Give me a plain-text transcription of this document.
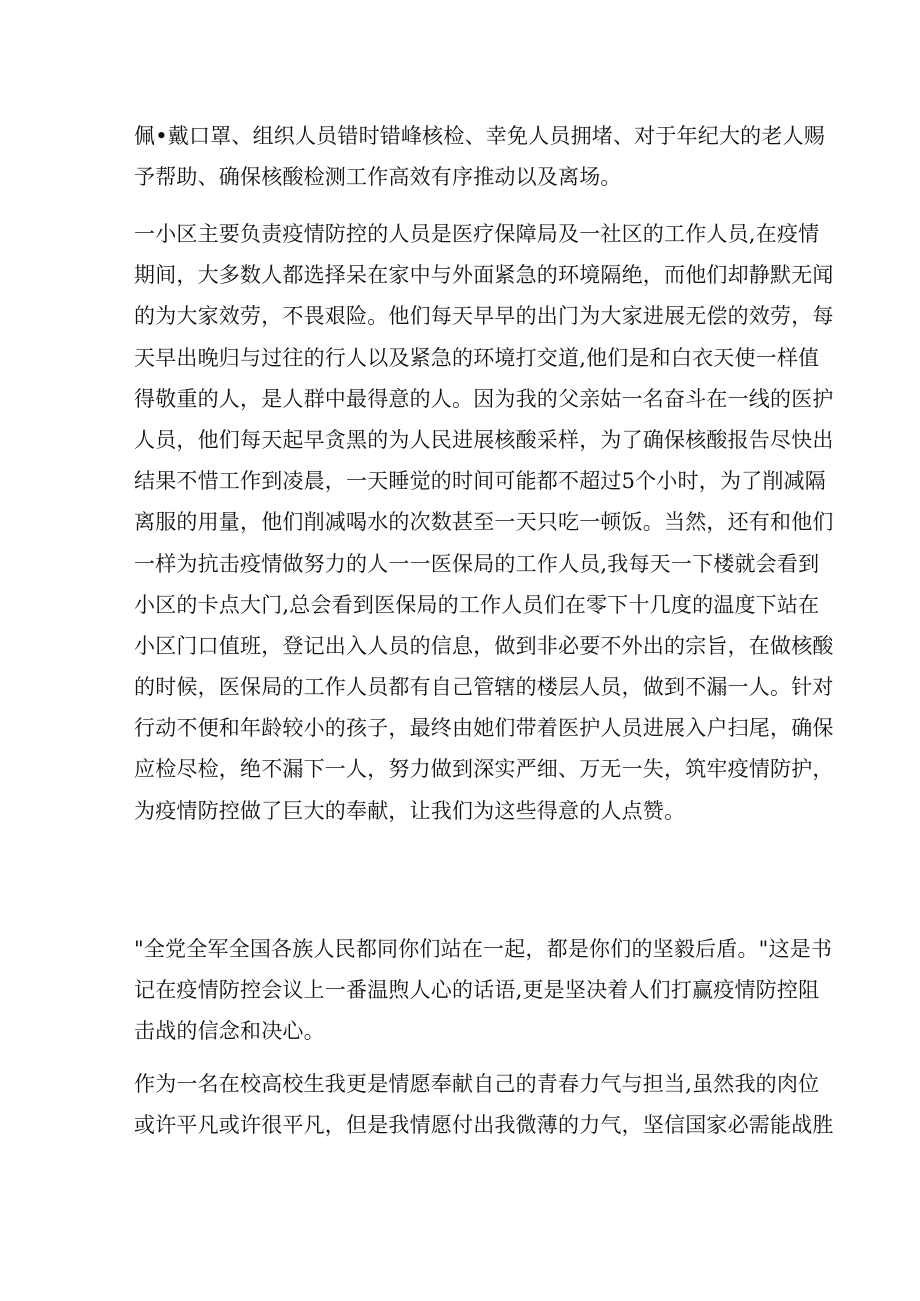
佩•戴口罩、组织人员错时错峰核检、幸免人员拥堵、对于年纪大的老人赐
予帮助、确保核酸检测工作高效有序推动以及离场。
一小区主要负责疫情防控的人员是医疗保障局及一社区的工作人员,在疫情
期间，大多数人都选择呆在家中与外面紧急的环境隔绝，而他们却静默无闻
的为大家效劳，不畏艰险。他们每天早早的出门为大家进展无偿的效劳，每
天早出晚归与过往的行人以及紧急的环境打交道,他们是和白衣天使一样值
得敬重的人，是人群中最得意的人。因为我的父亲姑一名奋斗在一线的医护
人员，他们每天起早贪黑的为人民进展核酸采样，为了确保核酸报告尽快出
结果不惜工作到凌晨，一天睡觉的时间可能都不超过5个小时，为了削减隔
离服的用量，他们削减喝水的次数甚至一天只吃一顿饭。当然，还有和他们
一样为抗击疫情做努力的人一一医保局的工作人员,我每天一下楼就会看到
小区的卡点大门,总会看到医保局的工作人员们在零下十几度的温度下站在
小区门口值班，登记出入人员的信息，做到非必要不外出的宗旨，在做核酸
的时候，医保局的工作人员都有自己管辖的楼层人员，做到不漏一人。针对
行动不便和年龄较小的孩子，最终由她们带着医护人员进展入户扫尾，确保
应检尽检，绝不漏下一人，努力做到深实严细、万无一失，筑牢疫情防护，
为疫情防控做了巨大的奉献，让我们为这些得意的人点赞。
"全党全军全国各族人民都同你们站在一起，都是你们的坚毅后盾。"这是书
记在疫情防控会议上一番温煦人心的话语,更是坚决着人们打赢疫情防控阻
击战的信念和决心。
作为一名在校高校生我更是情愿奉献自己的青春力气与担当,虽然我的肉位
或许平凡或许很平凡，但是我情愿付出我微薄的力气，坚信国家必需能战胜
